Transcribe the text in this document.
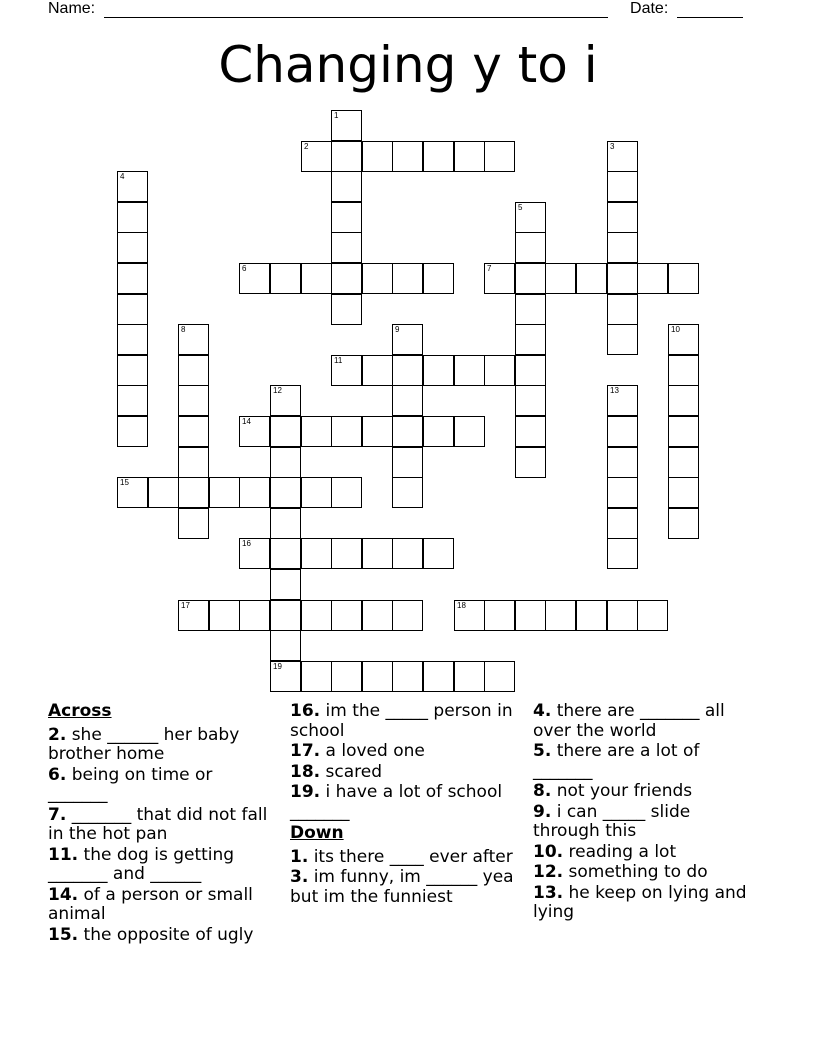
Name:	Date:
Changing y to i
1
2	3
4
5
6	7
8	9	10
11
12
19
13
14
15
16
17	18
Across
2. she ______ her baby brother home
6. being on time or _______
7. _______ that did not fall in the hot pan
11. the dog is getting _______ and ______
14. of a person or small animal
15. the opposite of ugly
16. im the _____ person in school
17. a loved one
18. scared
19. i have a lot of school _______
Down
1. its there ____ ever after
3. im funny, im ______ yea but im the funniest
4. there are _______ all over the world
5. there are a lot of _______
8. not your friends
9. i can _____ slide through this
10. reading a lot
12. something to do
13. he keep on lying and lying
